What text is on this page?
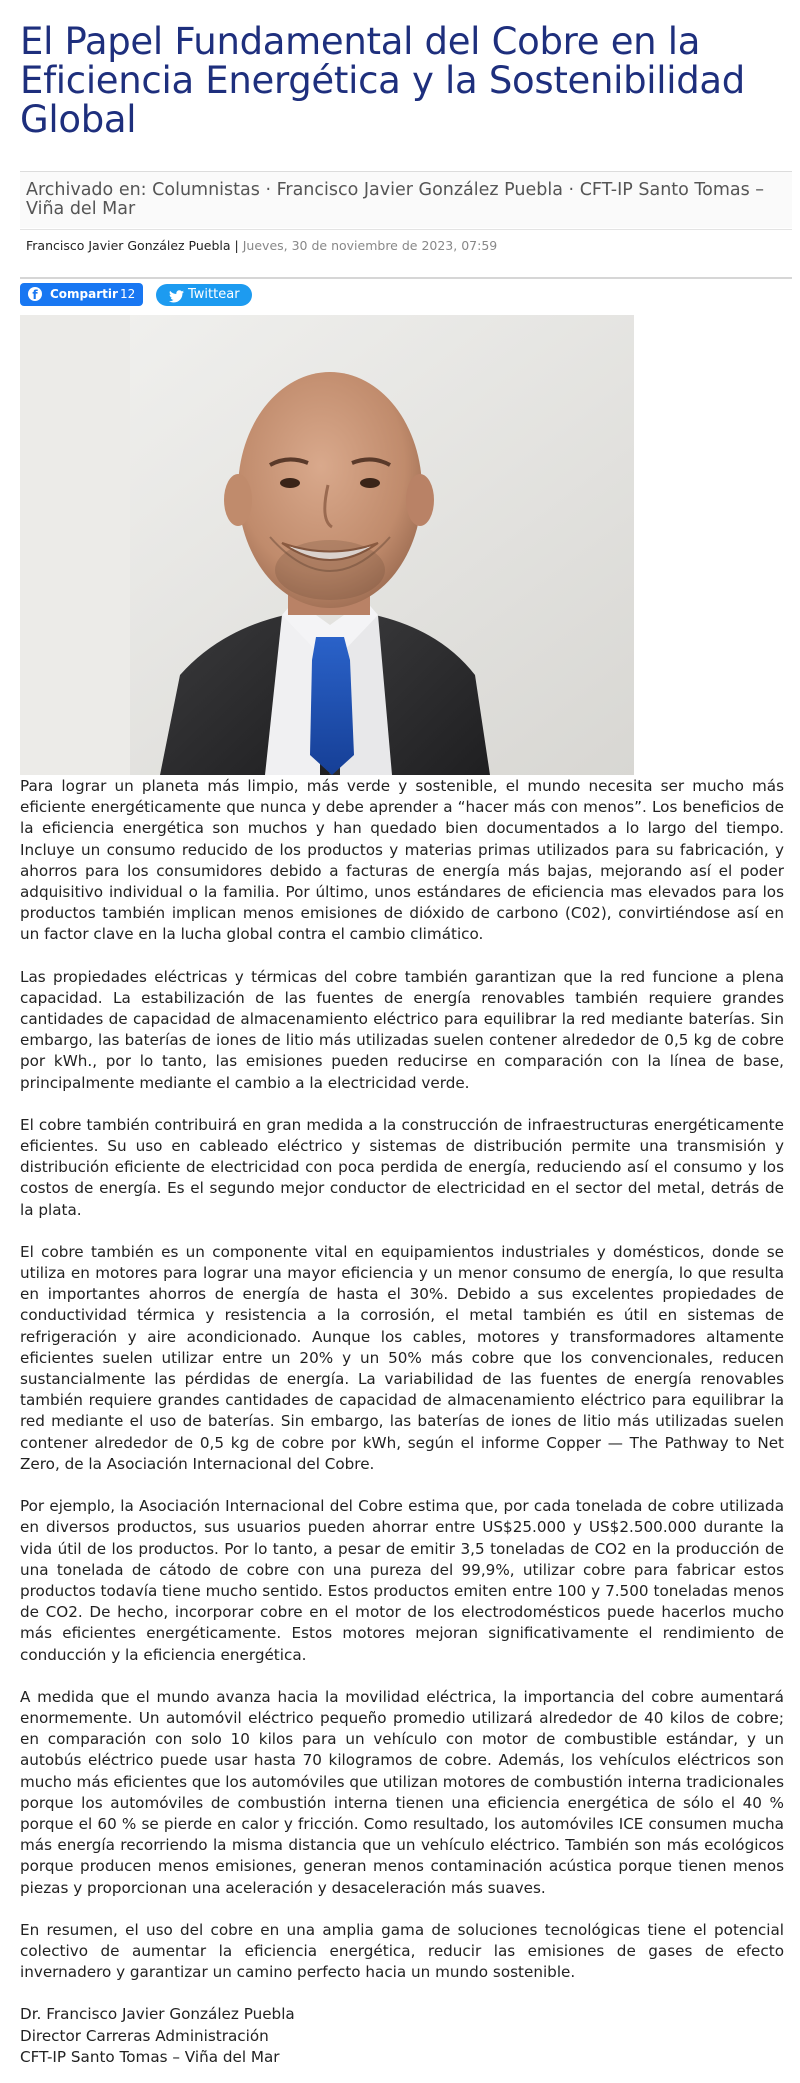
El Papel Fundamental del Cobre en la Eficiencia Energética y la Sostenibilidad Global
Archivado en: Columnistas · Francisco Javier González Puebla · CFT-IP Santo Tomas – Viña del Mar
Francisco Javier González Puebla | Jueves, 30 de noviembre de 2023, 07:59
f	Compartir 12	Twittear

Para lograr un planeta más limpio, más verde y sostenible, el mundo necesita ser mucho más eficiente energéticamente que nunca y debe aprender a “hacer más con menos”. Los beneficios de la eficiencia energética son muchos y han quedado bien documentados a lo largo del tiempo. Incluye un consumo reducido de los productos y materias primas utilizados para su fabricación, y ahorros para los consumidores debido a facturas de energía más bajas, mejorando así el poder adquisitivo individual o la familia. Por último, unos estándares de eficiencia mas elevados para los productos también implican menos emisiones de dióxido de carbono (C02), convirtiéndose así en un factor clave en la lucha global contra el cambio climático.

Las propiedades eléctricas y térmicas del cobre también garantizan que la red funcione a plena capacidad. La estabilización de las fuentes de energía renovables también requiere grandes cantidades de capacidad de almacenamiento eléctrico para equilibrar la red mediante baterías. Sin embargo, las baterías de iones de litio más utilizadas suelen contener alrededor de 0,5 kg de cobre por kWh., por lo tanto, las emisiones pueden reducirse en comparación con la línea de base, principalmente mediante el cambio a la electricidad verde.

El cobre también contribuirá en gran medida a la construcción de infraestructuras energéticamente eficientes. Su uso en cableado eléctrico y sistemas de distribución permite una transmisión y distribución eficiente de electricidad con poca perdida de energía, reduciendo así el consumo y los costos de energía. Es el segundo mejor conductor de electricidad en el sector del metal, detrás de la plata.

El cobre también es un componente vital en equipamientos industriales y domésticos, donde se utiliza en motores para lograr una mayor eficiencia y un menor consumo de energía, lo que resulta en importantes ahorros de energía de hasta el 30%. Debido a sus excelentes propiedades de conductividad térmica y resistencia a la corrosión, el metal también es útil en sistemas de refrigeración y aire acondicionado. Aunque los cables, motores y transformadores altamente eficientes suelen utilizar entre un 20% y un 50% más cobre que los convencionales, reducen sustancialmente las pérdidas de energía. La variabilidad de las fuentes de energía renovables también requiere grandes cantidades de capacidad de almacenamiento eléctrico para equilibrar la red mediante el uso de baterías. Sin embargo, las baterías de iones de litio más utilizadas suelen contener alrededor de 0,5 kg de cobre por kWh, según el informe Copper — The Pathway to Net Zero, de la Asociación Internacional del Cobre.

Por ejemplo, la Asociación Internacional del Cobre estima que, por cada tonelada de cobre utilizada en diversos productos, sus usuarios pueden ahorrar entre US$25.000 y US$2.500.000 durante la vida útil de los productos. Por lo tanto, a pesar de emitir 3,5 toneladas de CO2 en la producción de una tonelada de cátodo de cobre con una pureza del 99,9%, utilizar cobre para fabricar estos productos todavía tiene mucho sentido. Estos productos emiten entre 100 y 7.500 toneladas menos de CO2. De hecho, incorporar cobre en el motor de los electrodomésticos puede hacerlos mucho más eficientes energéticamente. Estos motores mejoran significativamente el rendimiento de conducción y la eficiencia energética.

A medida que el mundo avanza hacia la movilidad eléctrica, la importancia del cobre aumentará enormemente. Un automóvil eléctrico pequeño promedio utilizará alrededor de 40 kilos de cobre; en comparación con solo 10 kilos para un vehículo con motor de combustible estándar, y un autobús eléctrico puede usar hasta 70 kilogramos de cobre. Además, los vehículos eléctricos son mucho más eficientes que los automóviles que utilizan motores de combustión interna tradicionales porque los automóviles de combustión interna tienen una eficiencia energética de sólo el 40 % porque el 60 % se pierde en calor y fricción. Como resultado, los automóviles ICE consumen mucha más energía recorriendo la misma distancia que un vehículo eléctrico. También son más ecológicos porque producen menos emisiones, generan menos contaminación acústica porque tienen menos piezas y proporcionan una aceleración y desaceleración más suaves.

En resumen, el uso del cobre en una amplia gama de soluciones tecnológicas tiene el potencial colectivo de aumentar la eficiencia energética, reducir las emisiones de gases de efecto invernadero y garantizar un camino perfecto hacia un mundo sostenible.

Dr. Francisco Javier González Puebla
Director Carreras Administración
CFT-IP Santo Tomas – Viña del Mar
